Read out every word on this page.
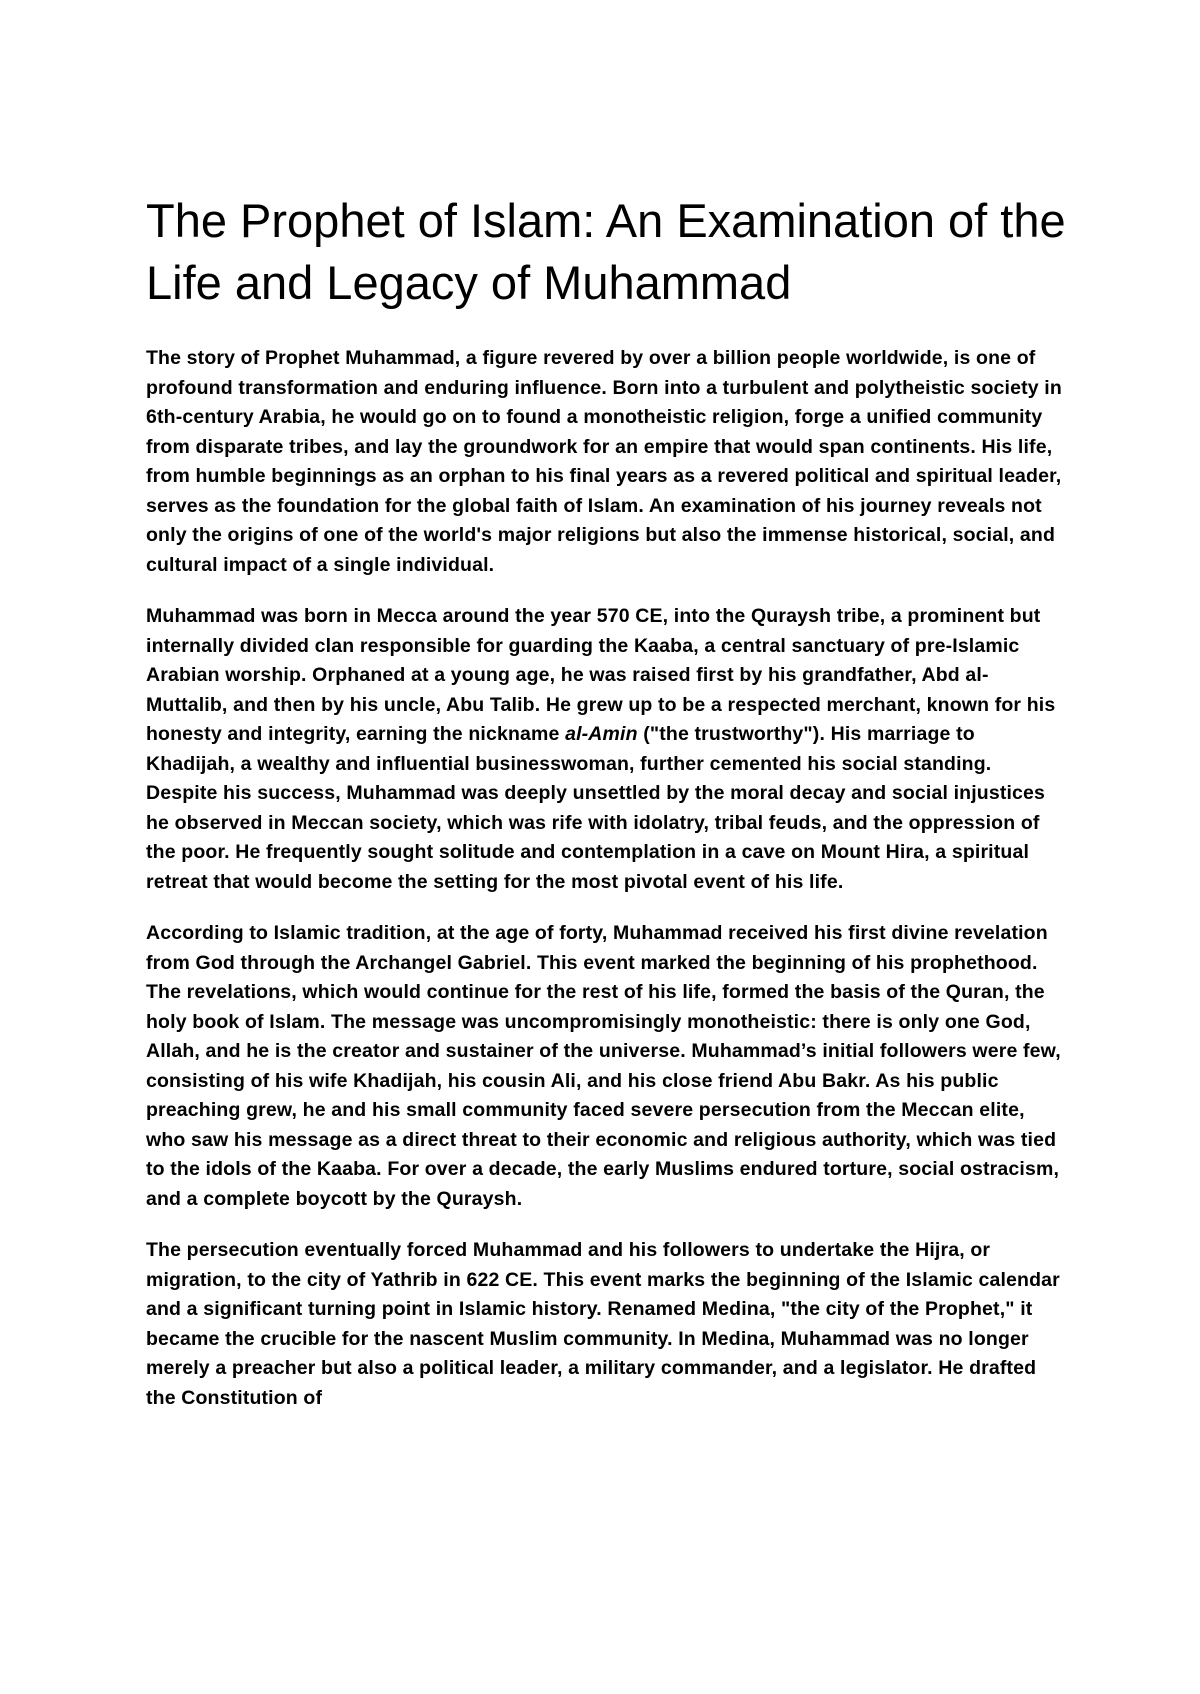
The Prophet of Islam: An Examination of the Life and Legacy of Muhammad

The story of Prophet Muhammad, a figure revered by over a billion people worldwide, is one of profound transformation and enduring influence. Born into a turbulent and polytheistic society in 6th-century Arabia, he would go on to found a monotheistic religion, forge a unified community from disparate tribes, and lay the groundwork for an empire that would span continents. His life, from humble beginnings as an orphan to his final years as a revered political and spiritual leader, serves as the foundation for the global faith of Islam. An examination of his journey reveals not only the origins of one of the world's major religions but also the immense historical, social, and cultural impact of a single individual.

Muhammad was born in Mecca around the year 570 CE, into the Quraysh tribe, a prominent but internally divided clan responsible for guarding the Kaaba, a central sanctuary of pre-Islamic Arabian worship. Orphaned at a young age, he was raised first by his grandfather, Abd al-Muttalib, and then by his uncle, Abu Talib. He grew up to be a respected merchant, known for his honesty and integrity, earning the nickname al-Amin ("the trustworthy"). His marriage to Khadijah, a wealthy and influential businesswoman, further cemented his social standing. Despite his success, Muhammad was deeply unsettled by the moral decay and social injustices he observed in Meccan society, which was rife with idolatry, tribal feuds, and the oppression of the poor. He frequently sought solitude and contemplation in a cave on Mount Hira, a spiritual retreat that would become the setting for the most pivotal event of his life.

According to Islamic tradition, at the age of forty, Muhammad received his first divine revelation from God through the Archangel Gabriel. This event marked the beginning of his prophethood. The revelations, which would continue for the rest of his life, formed the basis of the Quran, the holy book of Islam. The message was uncompromisingly monotheistic: there is only one God, Allah, and he is the creator and sustainer of the universe. Muhammad’s initial followers were few, consisting of his wife Khadijah, his cousin Ali, and his close friend Abu Bakr. As his public preaching grew, he and his small community faced severe persecution from the Meccan elite, who saw his message as a direct threat to their economic and religious authority, which was tied to the idols of the Kaaba. For over a decade, the early Muslims endured torture, social ostracism, and a complete boycott by the Quraysh.

The persecution eventually forced Muhammad and his followers to undertake the Hijra, or migration, to the city of Yathrib in 622 CE. This event marks the beginning of the Islamic calendar and a significant turning point in Islamic history. Renamed Medina, "the city of the Prophet," it became the crucible for the nascent Muslim community. In Medina, Muhammad was no longer merely a preacher but also a political leader, a military commander, and a legislator. He drafted the Constitution of
